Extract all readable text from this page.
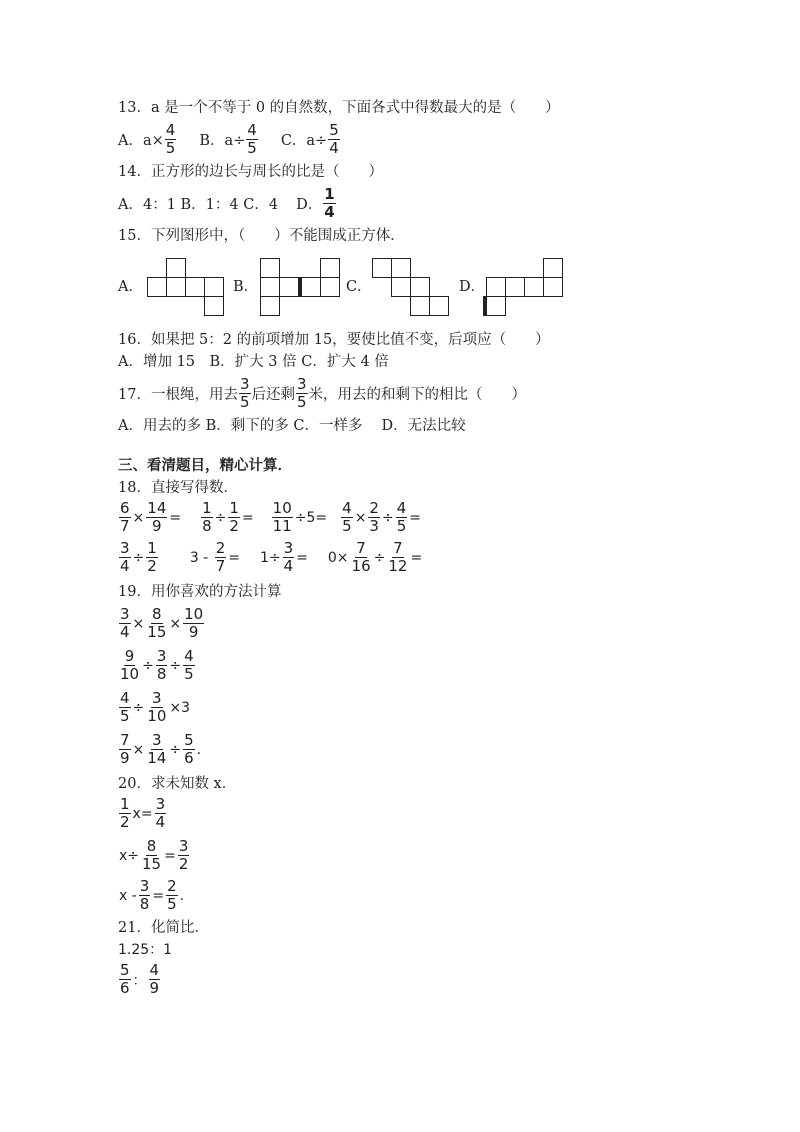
13．a 是一个不等于 0 的自然数，下面各式中得数最大的是（　　）
A．$a\times \frac{4}{5}$ B．$a\div \frac{4}{5}$ C．$a\div \frac{5}{4}$
14．正方形的边长与周长的比是（　　）
A．4：1 B．1：4 C．4 D． $\frac{1}{4}$
15．下列图形中，（　　）不能围成正方体．
A．	B．	C．	D．
16．如果把 5：2 的前项增加 15，要使比值不变，后项应（　　）
A．增加 15　B．扩大 3 倍 C．扩大 4 倍
17．一根绳，用去 $\frac{3}{5}$ 后还剩 $\frac{3}{5}$ 米，用去的和剩下的相比（　　）
A．用去的多 B．剩下的多 C．一样多　 D．无法比较
三、看清题目，精心计算．
18．直接写得数．
$\frac{6}{7} \times \frac{14}{9} = \frac{1}{8} \div \frac{1}{2} = \frac{10}{11} \div 5= \frac{4}{5} \times \frac{2}{3} \div \frac{4}{5}$ =
$\frac{3}{4} \div \frac{1}{2} 3 - \frac{2}{7} = 1\div \frac{3}{4} = 0\times \frac{7}{16} \div \frac{7}{12}$ =
19．用你喜欢的方法计算
$\frac{3}{4} \times \frac{8}{15} \times \frac{10}{9}$
$\frac{9}{10} \div \frac{3}{8} \div \frac{4}{5}$
$\frac{4}{5} \div \frac{3}{10} \times 3$
$\frac{7}{9} \times \frac{3}{14} \div \frac{5}{6}$ .
20．求未知数 x．
$\frac{1}{2} x= \frac{3}{4}$
$x\div \frac{8}{15} = \frac{3}{2}$
$x - \frac{3}{8} = \frac{2}{5}$ .
21．化简比．
1.25：1
$\frac{5}{6}$ ： $\frac{4}{9}$
